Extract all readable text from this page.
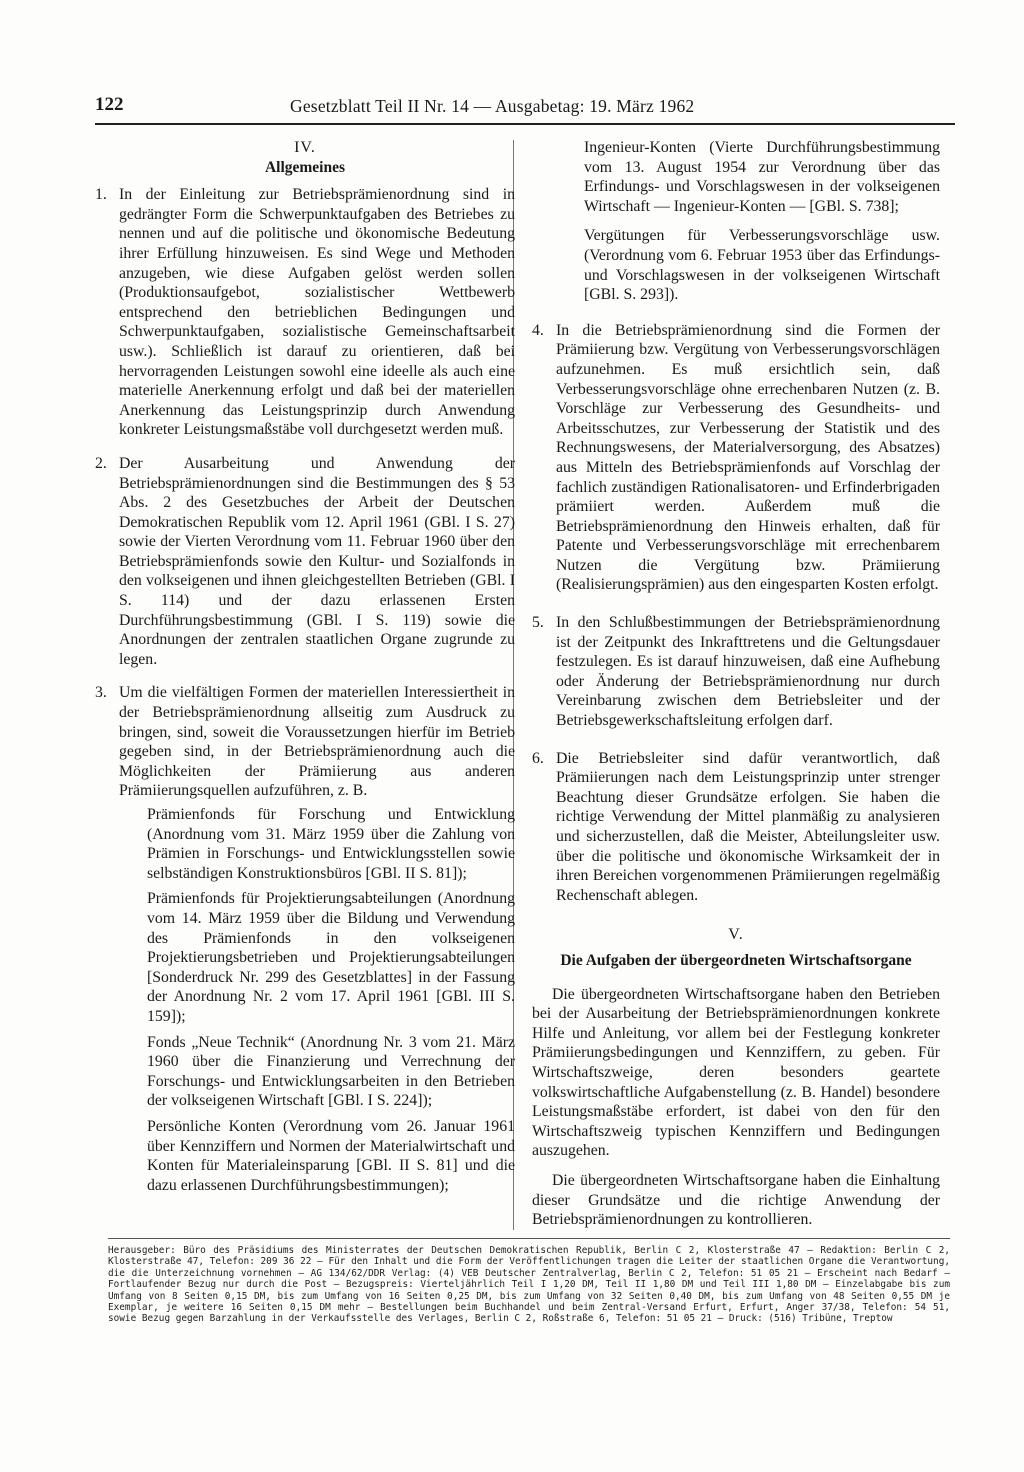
122	Gesetzblatt Teil II Nr. 14 — Ausgabetag: 19. März 1962

IV.

Allgemeines

1. In der Einleitung zur Betriebsprämienordnung sind in gedrängter Form die Schwerpunktaufgaben des Betriebes zu nennen und auf die politische und ökonomische Bedeutung ihrer Erfüllung hinzuweisen. Es sind Wege und Methoden anzugeben, wie diese Aufgaben gelöst werden sollen (Produktionsaufgebot, sozialistischer Wettbewerb entsprechend den betrieblichen Bedingungen und Schwerpunktaufgaben, sozialistische Gemeinschaftsarbeit usw.). Schließlich ist darauf zu orientieren, daß bei hervorragenden Leistungen sowohl eine ideelle als auch eine materielle Anerkennung erfolgt und daß bei der materiellen Anerkennung das Leistungsprinzip durch Anwendung konkreter Leistungsmaßstäbe voll durchgesetzt werden muß.
2. Der Ausarbeitung und Anwendung der Betriebsprämienordnungen sind die Bestimmungen des § 53 Abs. 2 des Gesetzbuches der Arbeit der Deutschen Demokratischen Republik vom 12. April 1961 (GBl. I S. 27) sowie der Vierten Verordnung vom 11. Februar 1960 über den Betriebsprämienfonds sowie den Kultur- und Sozialfonds in den volkseigenen und ihnen gleichgestellten Betrieben (GBl. I S. 114) und der dazu erlassenen Ersten Durchführungsbestimmung (GBl. I S. 119) sowie die Anordnungen der zentralen staatlichen Organe zugrunde zu legen.
3. Um die vielfältigen Formen der materiellen Interessiertheit in der Betriebsprämienordnung allseitig zum Ausdruck zu bringen, sind, soweit die Voraussetzungen hierfür im Betrieb gegeben sind, in der Betriebsprämienordnung auch die Möglichkeiten der Prämiierung aus anderen Prämiierungsquellen aufzuführen, z. B.

Prämienfonds für Forschung und Entwicklung (Anordnung vom 31. März 1959 über die Zahlung von Prämien in Forschungs- und Entwicklungsstellen sowie selbständigen Konstruktionsbüros [GBl. II S. 81]);

Prämienfonds für Projektierungsabteilungen (Anordnung vom 14. März 1959 über die Bildung und Verwendung des Prämienfonds in den volkseigenen Projektierungsbetrieben und Projektierungsabteilungen [Sonderdruck Nr. 299 des Gesetzblattes] in der Fassung der Anordnung Nr. 2 vom 17. April 1961 [GBl. III S. 159]);

Fonds „Neue Technik“ (Anordnung Nr. 3 vom 21. März 1960 über die Finanzierung und Verrechnung der Forschungs- und Entwicklungsarbeiten in den Betrieben der volkseigenen Wirtschaft [GBl. I S. 224]);

Persönliche Konten (Verordnung vom 26. Januar 1961 über Kennziffern und Normen der Materialwirtschaft und Konten für Materialeinsparung [GBl. II S. 81] und die dazu erlassenen Durchführungsbestimmungen);

Ingenieur-Konten (Vierte Durchführungsbestimmung vom 13. August 1954 zur Verordnung über das Erfindungs- und Vorschlagswesen in der volkseigenen Wirtschaft — Ingenieur-Konten — [GBl. S. 738];

Vergütungen für Verbesserungsvorschläge usw. (Verordnung vom 6. Februar 1953 über das Erfindungs- und Vorschlagswesen in der volkseigenen Wirtschaft [GBl. S. 293]).

4. In die Betriebsprämienordnung sind die Formen der Prämiierung bzw. Vergütung von Verbesserungsvorschlägen aufzunehmen. Es muß ersichtlich sein, daß Verbesserungsvorschläge ohne errechenbaren Nutzen (z. B. Vorschläge zur Verbesserung des Gesundheits- und Arbeitsschutzes, zur Verbesserung der Statistik und des Rechnungswesens, der Materialversorgung, des Absatzes) aus Mitteln des Betriebsprämienfonds auf Vorschlag der fachlich zuständigen Rationalisatoren- und Erfinderbrigaden prämiiert werden. Außerdem muß die Betriebsprämienordnung den Hinweis erhalten, daß für Patente und Verbesserungsvorschläge mit errechenbarem Nutzen die Vergütung bzw. Prämiierung (Realisierungsprämien) aus den eingesparten Kosten erfolgt.
5. In den Schlußbestimmungen der Betriebsprämienordnung ist der Zeitpunkt des Inkrafttretens und die Geltungsdauer festzulegen. Es ist darauf hinzuweisen, daß eine Aufhebung oder Änderung der Betriebsprämienordnung nur durch Vereinbarung zwischen dem Betriebsleiter und der Betriebsgewerkschaftsleitung erfolgen darf.
6. Die Betriebsleiter sind dafür verantwortlich, daß Prämiierungen nach dem Leistungsprinzip unter strenger Beachtung dieser Grundsätze erfolgen. Sie haben die richtige Verwendung der Mittel planmäßig zu analysieren und sicherzustellen, daß die Meister, Abteilungsleiter usw. über die politische und ökonomische Wirksamkeit der in ihren Bereichen vorgenommenen Prämiierungen regelmäßig Rechenschaft ablegen.

V.

Die Aufgaben der übergeordneten Wirtschaftsorgane

Die übergeordneten Wirtschaftsorgane haben den Betrieben bei der Ausarbeitung der Betriebsprämienordnungen konkrete Hilfe und Anleitung, vor allem bei der Festlegung konkreter Prämiierungsbedingungen und Kennziffern, zu geben. Für Wirtschaftszweige, deren besonders geartete volkswirtschaftliche Aufgabenstellung (z. B. Handel) besondere Leistungsmaßstäbe erfordert, ist dabei von den für den Wirtschaftszweig typischen Kennziffern und Bedingungen auszugehen.

Die übergeordneten Wirtschaftsorgane haben die Einhaltung dieser Grundsätze und die richtige Anwendung der Betriebsprämienordnungen zu kontrollieren.

Herausgeber: Büro des Präsidiums des Ministerrates der Deutschen Demokratischen Republik, Berlin C 2, Klosterstraße 47 — Redaktion: Berlin C 2, Klosterstraße 47, Telefon: 209 36 22 — Für den Inhalt und die Form der Veröffentlichungen tragen die Leiter der staatlichen Organe die Verantwortung, die die Unterzeichnung vornehmen — AG 134/62/DDR Verlag: (4) VEB Deutscher Zentralverlag, Berlin C 2, Telefon: 51 05 21 — Erscheint nach Bedarf — Fortlaufender Bezug nur durch die Post — Bezugspreis: Vierteljährlich Teil I 1,20 DM, Teil II 1,80 DM und Teil III 1,80 DM — Einzelabgabe bis zum Umfang von 8 Seiten 0,15 DM, bis zum Umfang von 16 Seiten 0,25 DM, bis zum Umfang von 32 Seiten 0,40 DM, bis zum Umfang von 48 Seiten 0,55 DM je Exemplar, je weitere 16 Seiten 0,15 DM mehr — Bestellungen beim Buchhandel und beim Zentral-Versand Erfurt, Erfurt, Anger 37/38, Telefon: 54 51, sowie Bezug gegen Barzahlung in der Verkaufsstelle des Verlages, Berlin C 2, Roßstraße 6, Telefon: 51 05 21 — Druck: (516) Tribüne, Treptow
